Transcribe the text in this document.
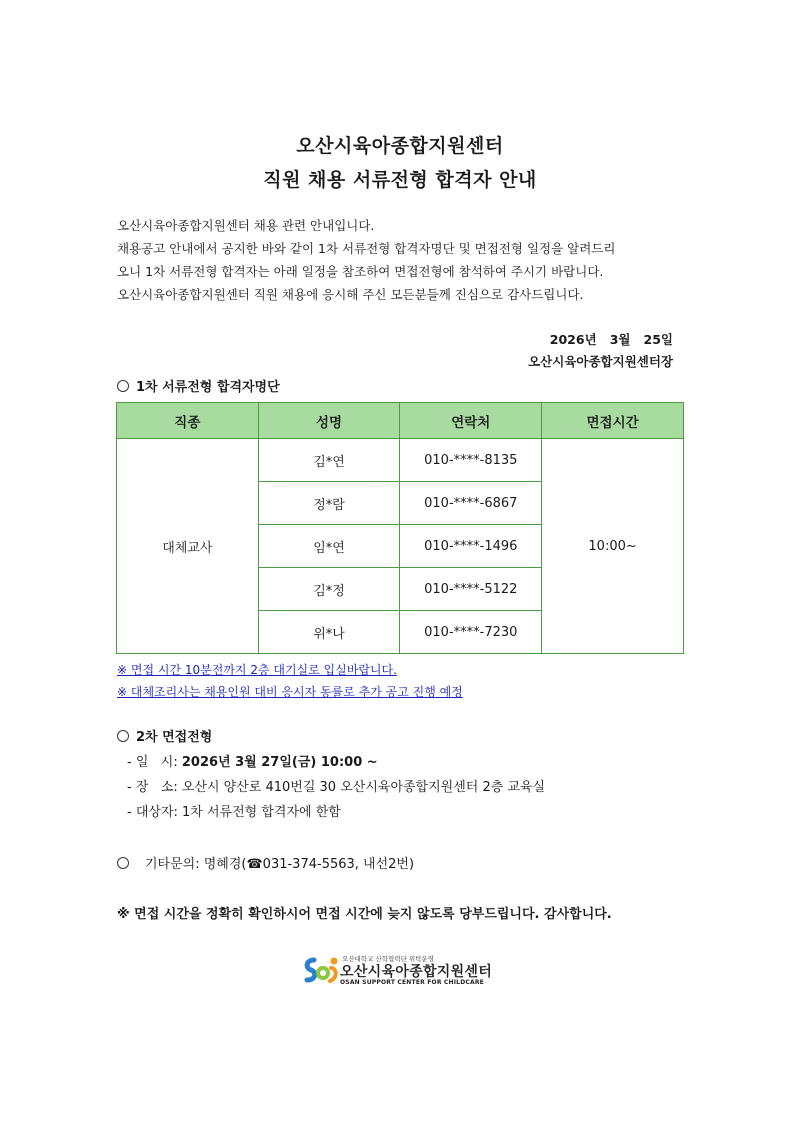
오산시육아종합지원센터
직원 채용 서류전형 합격자 안내
오산시육아종합지원센터 채용 관련 안내입니다.
채용공고 안내에서 공지한 바와 같이 1차 서류전형 합격자명단 및 면접전형 일정을 알려드리
오니 1차 서류전형 합격자는 아래 일정을 참조하여 면접전형에 참석하여 주시기 바랍니다.
오산시육아종합지원센터 직원 채용에 응시해 주신 모든분들께 진심으로 감사드립니다.
2026년   3월   25일
오산시육아종합지원센터장
1차 서류전형 합격자명단
직종	성명	연락처	면접시간
대체교사	김*연	010-****-8135	10:00~
	정*람	010-****-6867	
	임*연	010-****-1496	
	김*정	010-****-5122	
	위*나	010-****-7230	
※ 면접 시간 10분전까지 2층 대기실로 입실바랍니다.
※ 대체조리사는 채용인원 대비 응시자 동률로 추가 공고 진행 예정
2차 면접전형
- 일   시: 2026년 3월 27일(금) 10:00 ~
- 장   소: 오산시 양산로 410번길 30 오산시육아종합지원센터 2층 교육실
- 대상자: 1차 서류전형 합격자에 한함
기타문의: 명혜경(☎031-374-5563, 내선2번)
※ 면접 시간을 정확히 확인하시어 면접 시간에 늦지 않도록 당부드립니다. 감사합니다.
오산대학교 산학협력단 위탁운영
오산시육아종합지원센터
OSAN SUPPORT CENTER FOR CHILDCARE
